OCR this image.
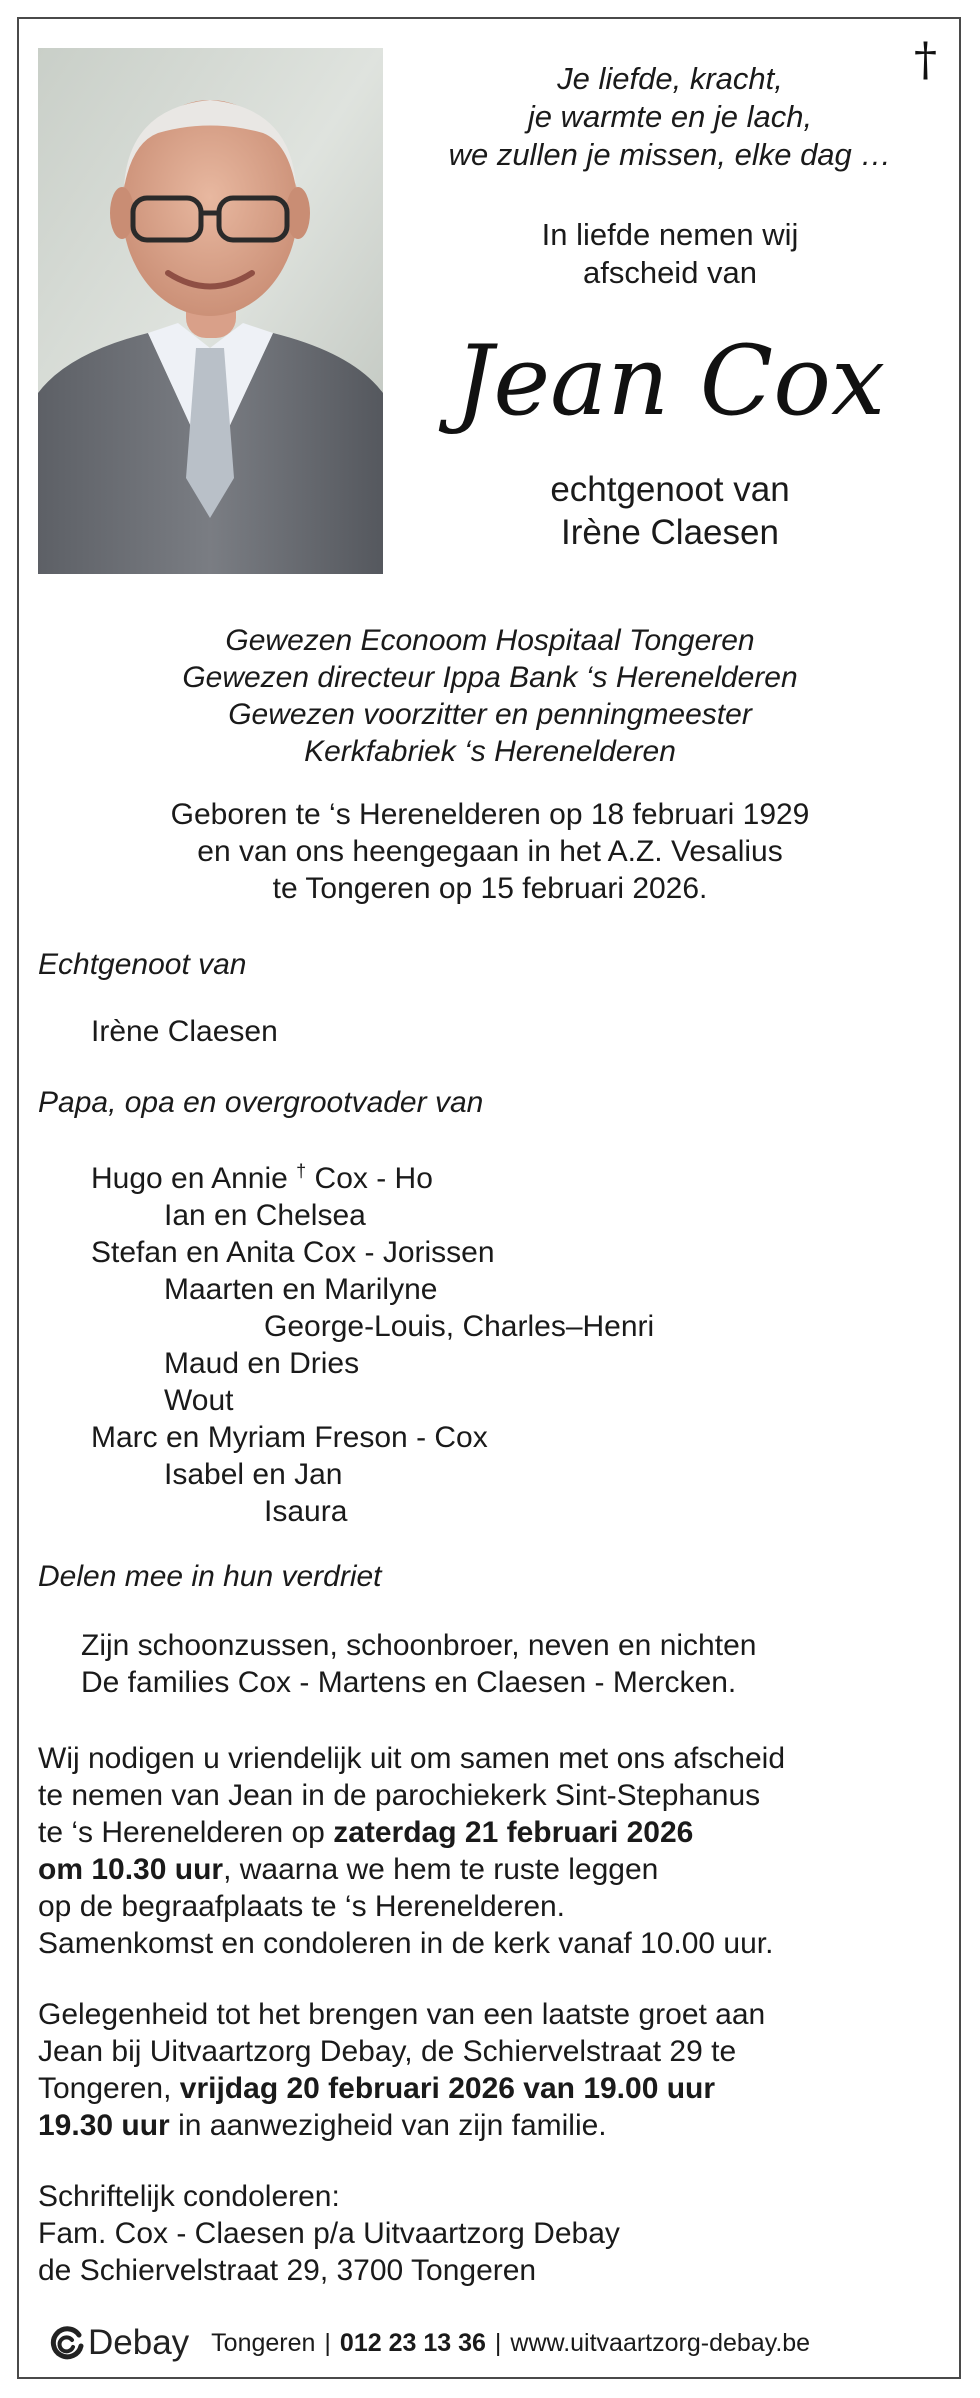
†
Je liefde, kracht,
je warmte en je lach,
we zullen je missen, elke dag …
In liefde nemen wij
afscheid van
Jean Cox
echtgenoot van
Irène Claesen
Gewezen Econoom Hospitaal Tongeren
Gewezen directeur Ippa Bank ‘s Herenelderen
Gewezen voorzitter en penningmeester
Kerkfabriek ‘s Herenelderen
Geboren te ‘s Herenelderen op 18 februari 1929
en van ons heengegaan in het A.Z. Vesalius
te Tongeren op 15 februari 2026.
Echtgenoot van
Irène Claesen
Papa, opa en overgrootvader van
Hugo en Annie † Cox - Ho
Ian en Chelsea
Stefan en Anita Cox - Jorissen
Maarten en Marilyne
George-Louis, Charles–Henri
Maud en Dries
Wout
Marc en Myriam Freson - Cox
Isabel en Jan
Isaura
Delen mee in hun verdriet
Zijn schoonzussen, schoonbroer, neven en nichten
De families Cox - Martens en Claesen - Mercken.
Wij nodigen u vriendelijk uit om samen met ons afscheid
te nemen van Jean in de parochiekerk Sint-Stephanus
te ‘s Herenelderen op zaterdag 21 februari 2026
om 10.30 uur, waarna we hem te ruste leggen
op de begraafplaats te ‘s Herenelderen.
Samenkomst en condoleren in de kerk vanaf 10.00 uur.
Gelegenheid tot het brengen van een laatste groet aan
Jean bij Uitvaartzorg Debay, de Schiervelstraat 29 te
Tongeren, vrijdag 20 februari 2026 van 19.00 uur
19.30 uur in aanwezigheid van zijn familie.
Schriftelijk condoleren:
Fam. Cox - Claesen p/a Uitvaartzorg Debay
de Schiervelstraat 29, 3700 Tongeren
Debay Tongeren | 012 23 13 36 | www.uitvaartzorg-debay.be
